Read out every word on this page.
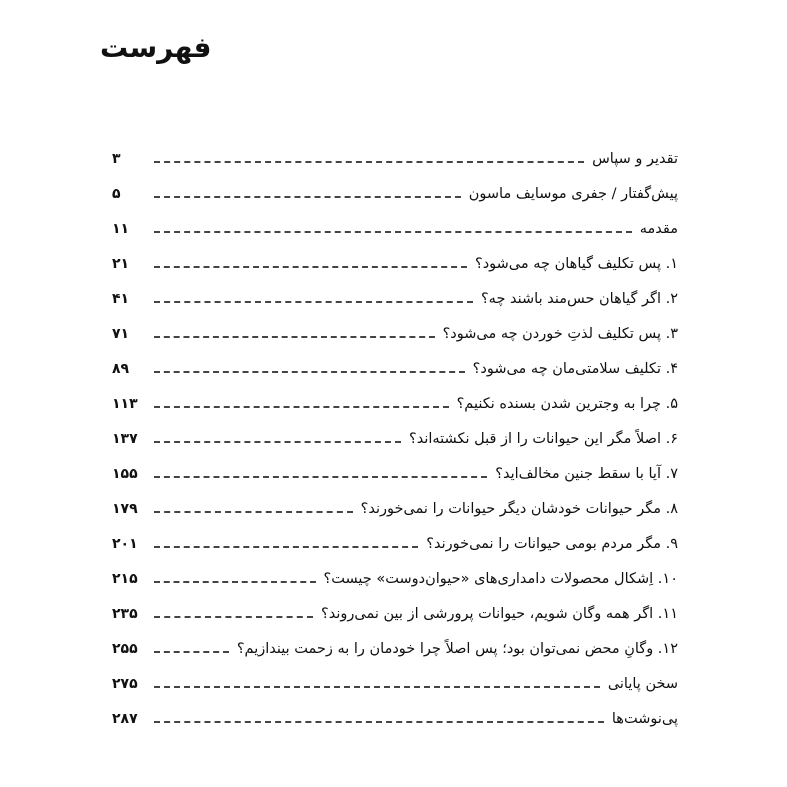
فهرست
۳	تقدیر و سپاس
۵	پیش‌گفتار / جفری موسایف ماسون
۱۱	مقدمه
۲۱	۱. پس تکلیف گیاهان چه می‌شود؟
۴۱	۲. اگر گیاهان حس‌مند باشند چه؟
۷۱	۳. پس تکلیف لذتِ خوردن چه می‌شود؟
۸۹	۴. تکلیف سلامتی‌مان چه می‌شود؟
۱۱۳	۵. چرا به وجترین شدن بسنده نکنیم؟
۱۳۷	۶. اصلاً مگر این حیوانات را از قبل نکشته‌اند؟
۱۵۵	۷. آیا با سقط جنین مخالف‌اید؟
۱۷۹	۸. مگر حیوانات خودشان دیگر حیوانات را نمی‌خورند؟
۲۰۱	۹. مگر مردم بومی حیوانات را نمی‌خورند؟
۲۱۵	۱۰. اِشکال محصولات دامداری‌های «حیوان‌دوست» چیست؟
۲۳۵	۱۱. اگر همه وگان شویم، حیوانات پرورشی از بین نمی‌روند؟
۲۵۵	۱۲. وگانِ محض نمی‌توان بود؛ پس اصلاً چرا خودمان را به زحمت بیندازیم؟
۲۷۵	سخن پایانی
۲۸۷	پی‌نوشت‌ها
